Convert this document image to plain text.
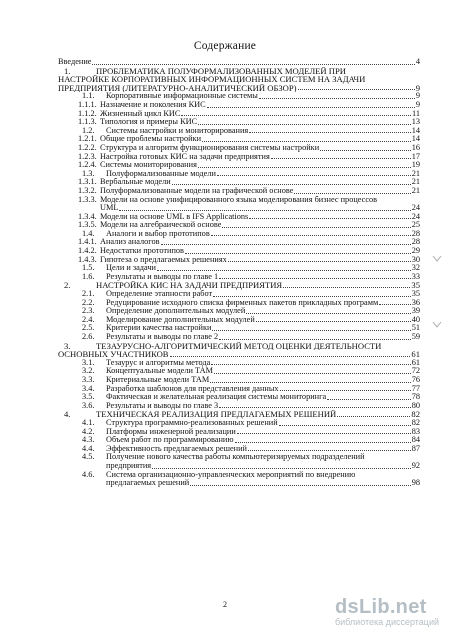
Содержание
Введение	4
1.	ПРОБЛЕМАТИКА ПОЛУФОРМАЛИЗОВАННЫХ МОДЕЛЕЙ ПРИ
НАСТРОЙКЕ КОРПОРАТИВНЫХ ИНФОРМАЦИОННЫХ СИСТЕМ НА ЗАДАЧИ
ПРЕДПРИЯТИЯ (ЛИТЕРАТУРНО-АНАЛИТИЧЕСКИЙ ОБЗОР)	9
1.1.	Корпоративные информационные системы	9
1.1.1. Назначение и поколения КИС	9
1.1.2. Жизненный цикл КИС	11
1.1.3. Типология и примеры КИС	13
1.2.	Системы настройки и мониторирования	14
1.2.1. Общие проблемы настройки	14
1.2.2. Структура и алгоритм функционирования системы настройки	16
1.2.3. Настройка готовых КИС на задачи предприятия	17
1.2.4. Системы мониторирования	19
1.3.	Полуформализованные модели	21
1.3.1. Вербальные модели	21
1.3.2. Полуформализованные модели на графической основе	21
1.3.3. Модели на основе унифицированного языка моделирования бизнес процессов
UML	24
1.3.4. Модели на основе UML в IFS Applications	24
1.3.5. Модели на алгебраической основе	25
1.4.	Аналоги и выбор прототипов	28
1.4.1. Анализ аналогов	28
1.4.2. Недостатки прототипов	29
1.4.3. Гипотеза о предлагаемых решениях	30
1.5.	Цели и задачи	32
1.6.	Результаты и выводы по главе 1	33
2.	НАСТРОЙКА КИС НА ЗАДАЧИ ПРЕДПРИЯТИЯ	35
2.1.	Определение этапности работ	35
2.2.	Редуцирование исходного списка фирменных пакетов прикладных программ	36
2.3.	Определение дополнительных модулей	39
2.4.	Моделирование дополнительных модулей	40
2.5.	Критерии качества настройки	51
2.6.	Результаты и выводы по главе 2	59
3.	ТЕЗАУРУСНО-АЛГОРИТМИЧЕСКИЙ МЕТОД ОЦЕНКИ ДЕЯТЕЛЬНОСТИ
ОСНОВНЫХ УЧАСТНИКОВ	61
3.1.	Тезаурус и алгоритмы метода	61
3.2.	Концептуальные модели ТАМ	72
3.3.	Критериальные модели ТАМ	76
3.4.	Разработка шаблонов для представления данных	77
3.5.	Фактическая и желательная реализация системы мониторинга	78
3.6.	Результаты и выводы по главе 3	80
4.	ТЕХНИЧЕСКАЯ РЕАЛИЗАЦИЯ ПРЕДЛАГАЕМЫХ РЕШЕНИЙ	82
4.1.	Структура программно-реализованных решений	82
4.2.	Платформы инженерной реализации	83
4.3.	Объем работ по программированию	84
4.4.	Эффективность предлагаемых решений	87
4.5.	Получение нового качества работы компьютеризируемых подразделений
предприятия	92
4.6.	Система организационно-управленческих мероприятий по внедрению
предлагаемых решений	98
2	dsLib.net
библиотека диссертаций
